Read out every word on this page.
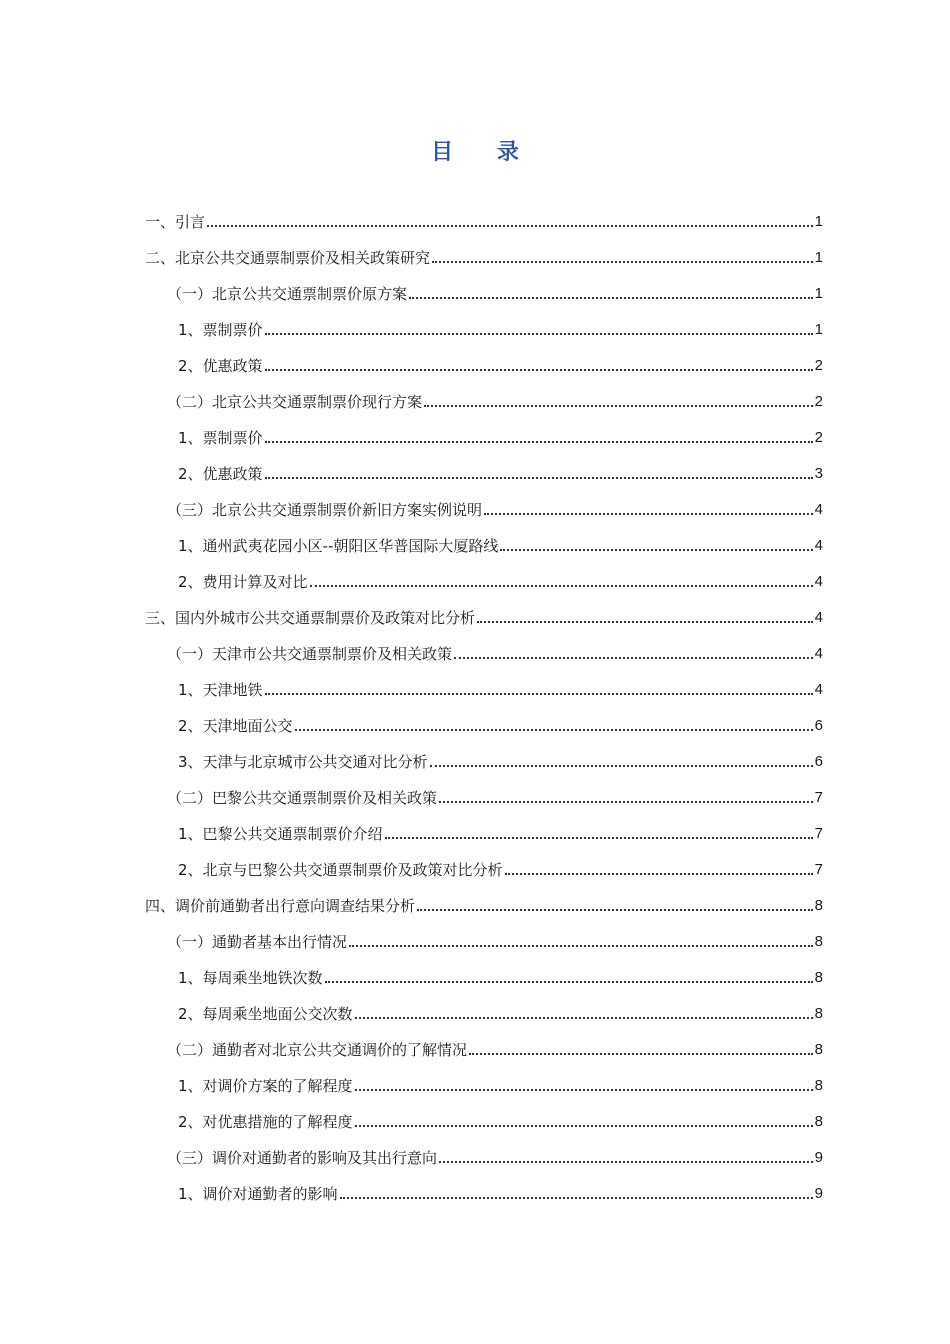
目 录
一、引言	1
二、北京公共交通票制票价及相关政策研究	1
（一）北京公共交通票制票价原方案	1
1、票制票价	1
2、优惠政策	2
（二）北京公共交通票制票价现行方案	2
1、票制票价	2
2、优惠政策	3
（三）北京公共交通票制票价新旧方案实例说明	4
1、通州武夷花园小区--朝阳区华普国际大厦路线	4
2、费用计算及对比	4
三、国内外城市公共交通票制票价及政策对比分析	4
（一）天津市公共交通票制票价及相关政策	4
1、天津地铁	4
2、天津地面公交	6
3、天津与北京城市公共交通对比分析	6
（二）巴黎公共交通票制票价及相关政策	7
1、巴黎公共交通票制票价介绍	7
2、北京与巴黎公共交通票制票价及政策对比分析	7
四、调价前通勤者出行意向调查结果分析	8
（一）通勤者基本出行情况	8
1、每周乘坐地铁次数	8
2、每周乘坐地面公交次数	8
（二）通勤者对北京公共交通调价的了解情况	8
1、对调价方案的了解程度	8
2、对优惠措施的了解程度	8
（三）调价对通勤者的影响及其出行意向	9
1、调价对通勤者的影响	9
